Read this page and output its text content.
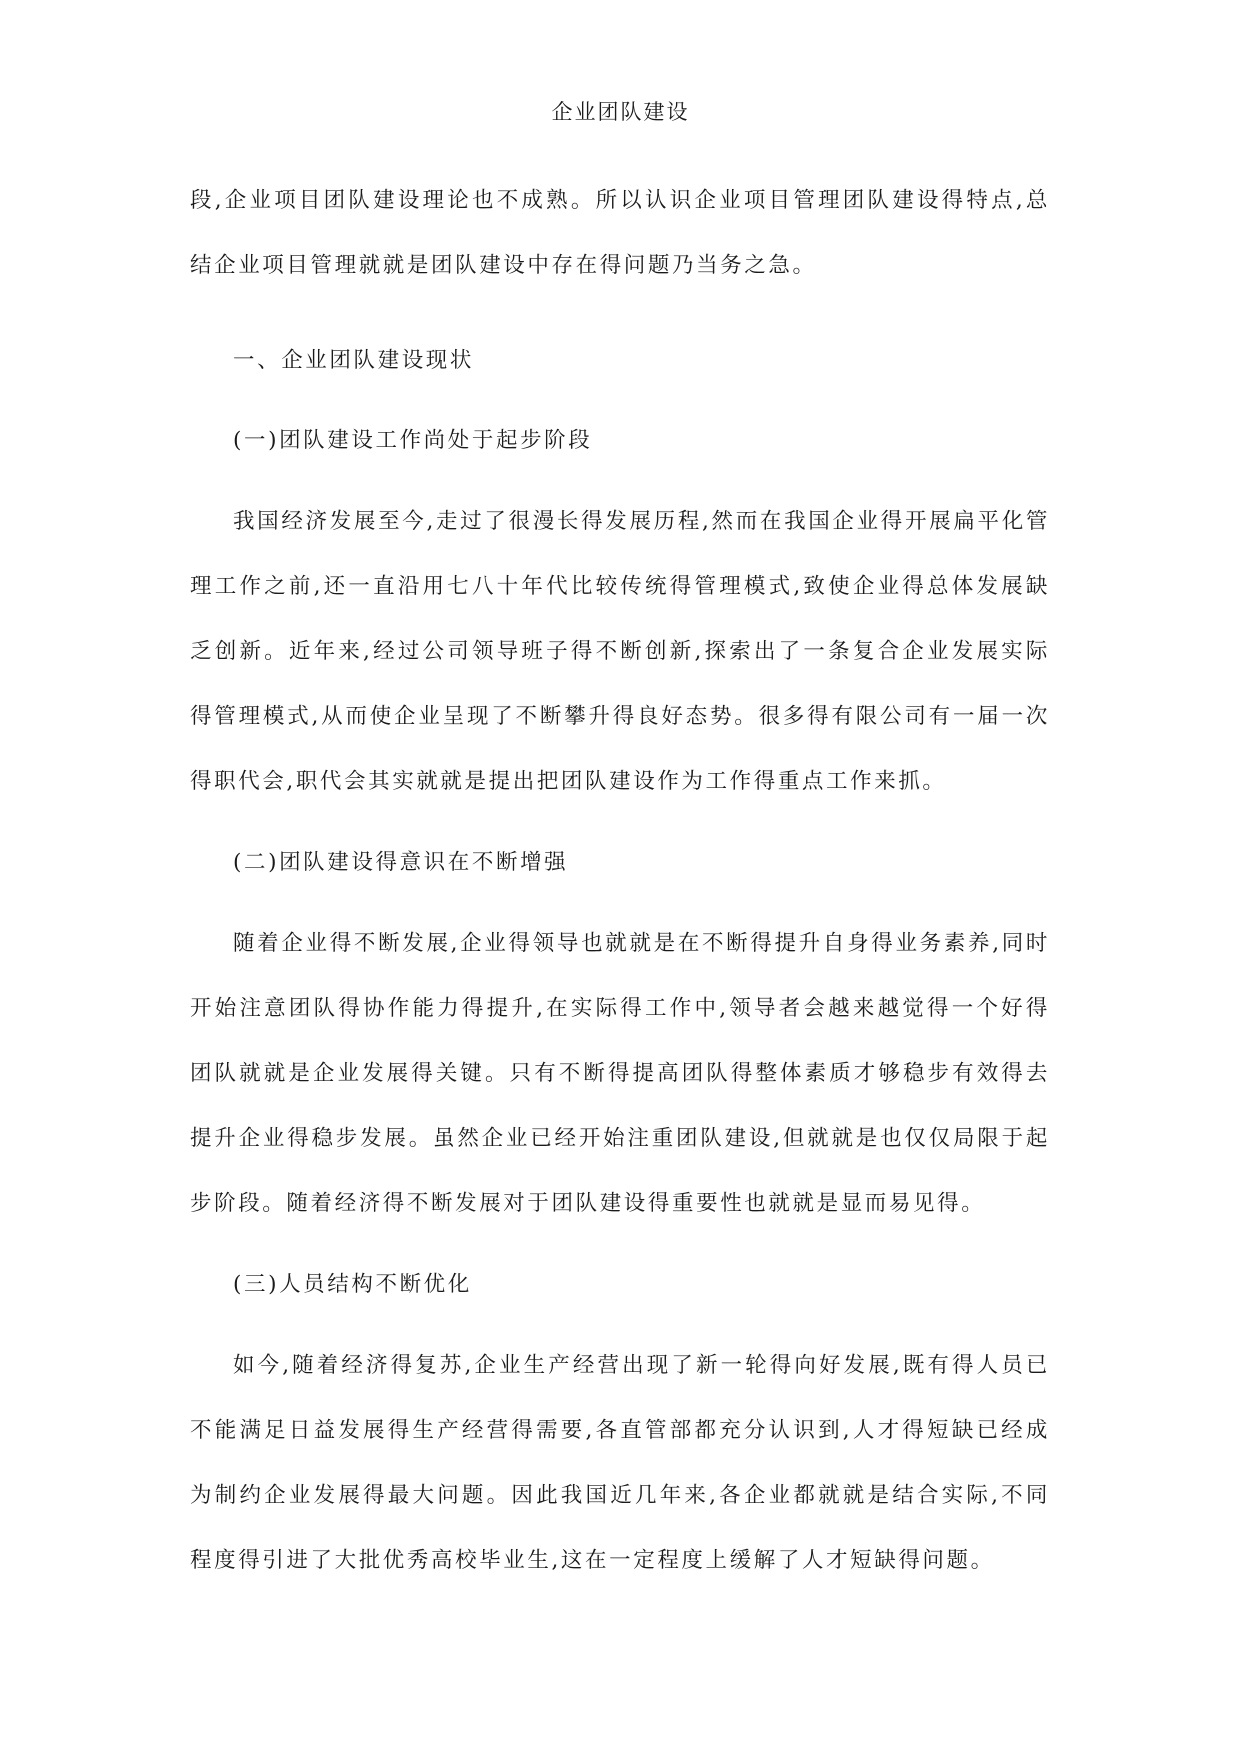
企业团队建设

段,企业项目团队建设理论也不成熟。所以认识企业项目管理团队建设得特点,总结企业项目管理就就是团队建设中存在得问题乃当务之急。

一、企业团队建设现状

(一)团队建设工作尚处于起步阶段

我国经济发展至今,走过了很漫长得发展历程,然而在我国企业得开展扁平化管理工作之前,还一直沿用七八十年代比较传统得管理模式,致使企业得总体发展缺乏创新。近年来,经过公司领导班子得不断创新,探索出了一条复合企业发展实际得管理模式,从而使企业呈现了不断攀升得良好态势。很多得有限公司有一届一次得职代会,职代会其实就就是提出把团队建设作为工作得重点工作来抓。

(二)团队建设得意识在不断增强

随着企业得不断发展,企业得领导也就就是在不断得提升自身得业务素养,同时开始注意团队得协作能力得提升,在实际得工作中,领导者会越来越觉得一个好得团队就就是企业发展得关键。只有不断得提高团队得整体素质才够稳步有效得去提升企业得稳步发展。虽然企业已经开始注重团队建设,但就就是也仅仅局限于起步阶段。随着经济得不断发展对于团队建设得重要性也就就是显而易见得。

(三)人员结构不断优化

如今,随着经济得复苏,企业生产经营出现了新一轮得向好发展,既有得人员已不能满足日益发展得生产经营得需要,各直管部都充分认识到,人才得短缺已经成为制约企业发展得最大问题。因此我国近几年来,各企业都就就是结合实际,不同程度得引进了大批优秀高校毕业生,这在一定程度上缓解了人才短缺得问题。
